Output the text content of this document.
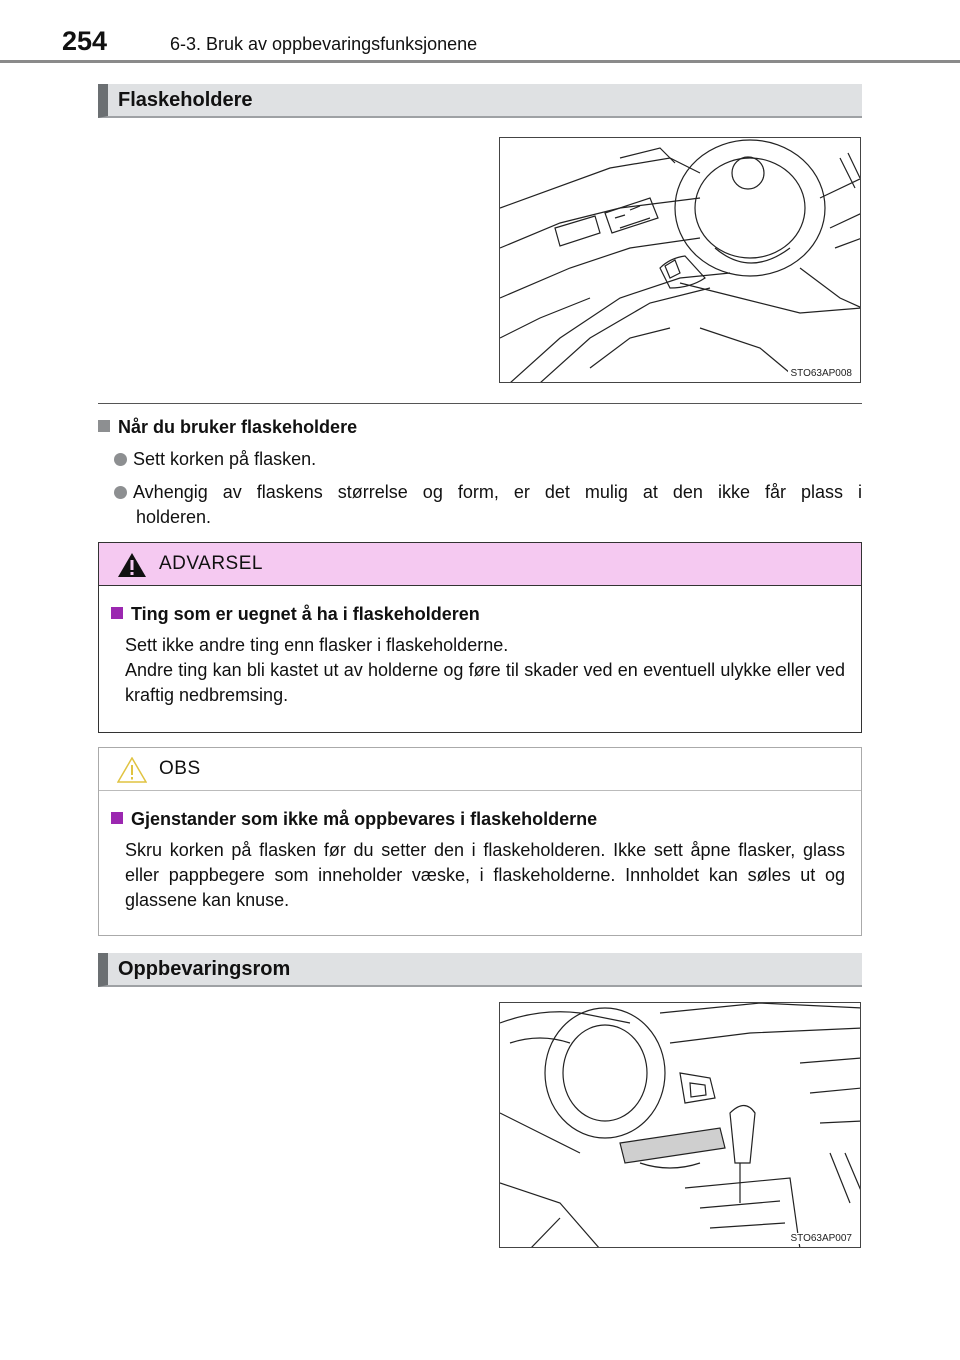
254	6-3. Bruk av oppbevaringsfunksjonene
Flaskeholdere
STO63AP008
Når du bruker flaskeholdere
Sett korken på flasken.
Avhengig av flaskens størrelse og form, er det mulig at den ikke får plass i
holderen.
ADVARSEL
Ting som er uegnet å ha i flaskeholderen
Sett ikke andre ting enn flasker i flaskeholderne.
Andre ting kan bli kastet ut av holderne og føre til skader ved en eventuell ulykke eller ved kraftig nedbremsing.
OBS
Gjenstander som ikke må oppbevares i flaskeholderne
Skru korken på flasken før du setter den i flaskeholderen. Ikke sett åpne flasker, glass eller pappbegere som inneholder væske, i flaskeholderne. Innholdet kan søles ut og glassene kan knuse.
Oppbevaringsrom
STO63AP007
